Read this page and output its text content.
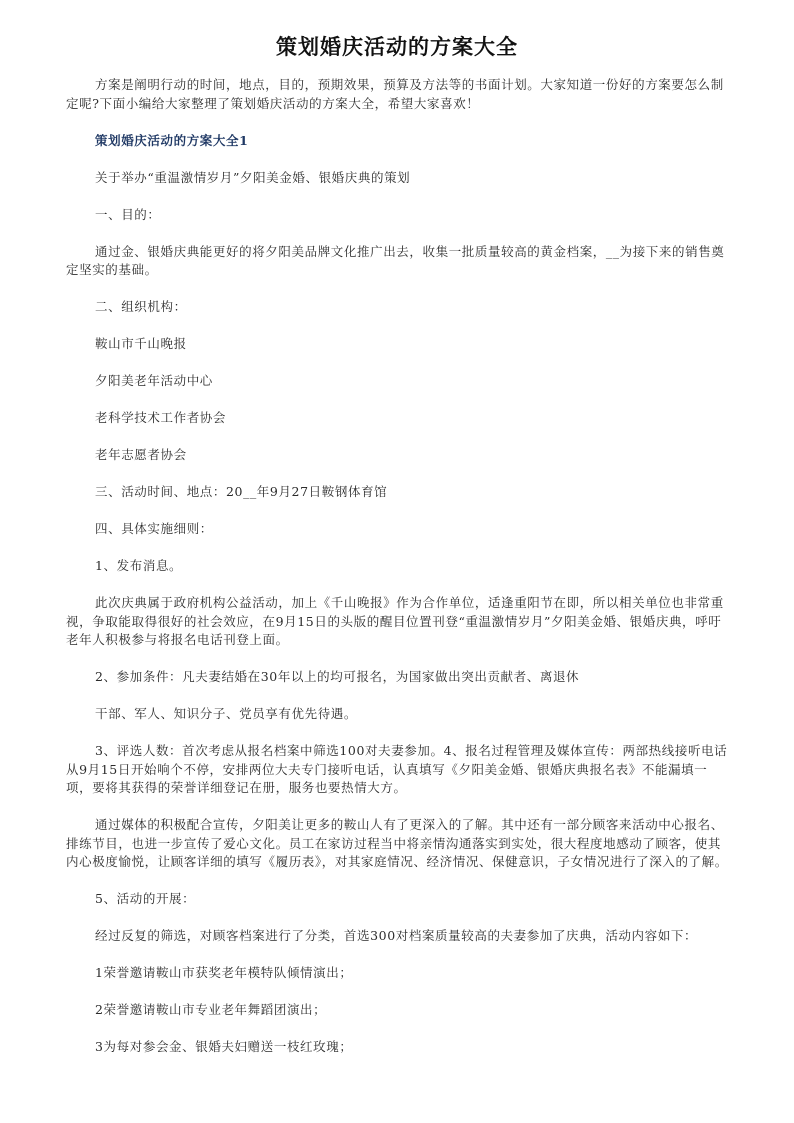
策划婚庆活动的方案大全

方案是阐明行动的时间，地点，目的，预期效果，预算及方法等的书面计划。大家知道一份好的方案要怎么制定呢?下面小编给大家整理了策划婚庆活动的方案大全，希望大家喜欢！

策划婚庆活动的方案大全1

关于举办“重温激情岁月”夕阳美金婚、银婚庆典的策划

一、目的：

通过金、银婚庆典能更好的将夕阳美品牌文化推广出去，收集一批质量较高的黄金档案，__为接下来的销售奠定坚实的基础。

二、组织机构：

鞍山市千山晚报

夕阳美老年活动中心

老科学技术工作者协会

老年志愿者协会

三、活动时间、地点：20__年9月27日鞍钢体育馆

四、具体实施细则：

1、发布消息。

此次庆典属于政府机构公益活动，加上《千山晚报》作为合作单位，适逢重阳节在即，所以相关单位也非常重视，争取能取得很好的社会效应，在9月15日的头版的醒目位置刊登“重温激情岁月”夕阳美金婚、银婚庆典，呼吁老年人积极参与将报名电话刊登上面。

2、参加条件：凡夫妻结婚在30年以上的均可报名，为国家做出突出贡献者、离退休

干部、军人、知识分子、党员享有优先待遇。

3、评选人数：首次考虑从报名档案中筛选100对夫妻参加。4、报名过程管理及媒体宣传：两部热线接听电话从9月15日开始响个不停，安排两位大夫专门接听电话，认真填写《夕阳美金婚、银婚庆典报名表》不能漏填一项，要将其获得的荣誉详细登记在册，服务也要热情大方。

通过媒体的积极配合宣传，夕阳美让更多的鞍山人有了更深入的了解。其中还有一部分顾客来活动中心报名、排练节目，也进一步宣传了爱心文化。员工在家访过程当中将亲情沟通落实到实处，很大程度地感动了顾客，使其内心极度愉悦，让顾客详细的填写《履历表》，对其家庭情况、经济情况、保健意识，子女情况进行了深入的了解。

5、活动的开展：

经过反复的筛选，对顾客档案进行了分类，首选300对档案质量较高的夫妻参加了庆典，活动内容如下：

1荣誉邀请鞍山市获奖老年模特队倾情演出；

2荣誉邀请鞍山市专业老年舞蹈团演出；

3为每对参会金、银婚夫妇赠送一枝红玫瑰；
